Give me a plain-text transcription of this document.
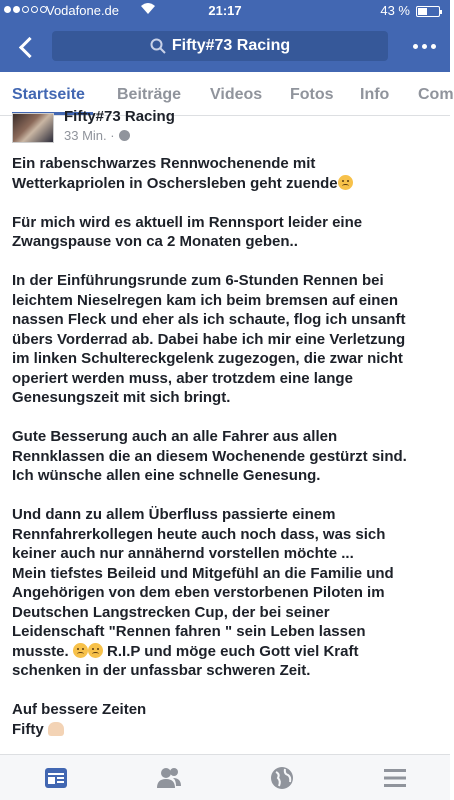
Vodafone.de	21:17	43 %
Fifty#73 Racing
Startseite Beiträge Videos Fotos Info Com
Fifty#73 Racing
33 Min. ·

Ein rabenschwarzes Rennwochenende mit
Wetterkapriolen in Oschersleben geht zuende

Für mich wird es aktuell im Rennsport leider eine
Zwangspause von ca 2 Monaten geben..

In der Einführungsrunde zum 6-Stunden Rennen bei
leichtem Nieselregen kam ich beim bremsen auf einen
nassen Fleck und eher als ich schaute, flog ich unsanft
übers Vorderrad ab. Dabei habe ich mir eine Verletzung
im linken Schultereckgelenk zugezogen, die zwar nicht
operiert werden muss, aber trotzdem eine lange
Genesungszeit mit sich bringt.

Gute Besserung auch an alle Fahrer aus allen
Rennklassen die an diesem Wochenende gestürzt sind.
Ich wünsche allen eine schnelle Genesung.

Und dann zu allem Überfluss passierte einem
Rennfahrerkollegen heute auch noch dass, was sich
keiner auch nur annähernd vorstellen möchte ...
Mein tiefstes Beileid und Mitgefühl an die Familie und
Angehörigen von dem eben verstorbenen Piloten im
Deutschen Langstrecken Cup, der bei seiner
Leidenschaft "Rennen fahren " sein Leben lassen
musste.	R.I.P und möge euch Gott viel Kraft
schenken in der unfassbar schweren Zeit.

Auf bessere Zeiten
Fifty
